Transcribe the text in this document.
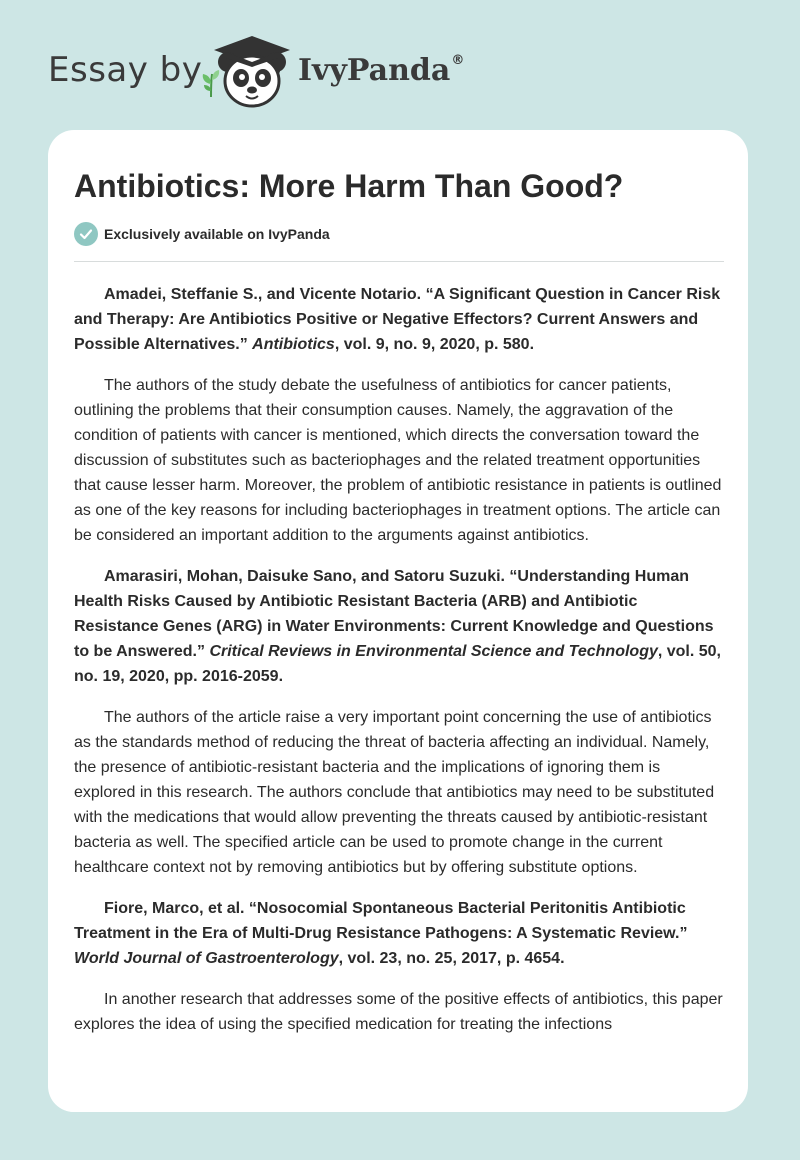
Essay by	IvyPanda®
Antibiotics: More Harm Than Good?
Exclusively available on IvyPanda

Amadei, Steffanie S., and Vicente Notario. “A Significant Question in Cancer Risk and Therapy: Are Antibiotics Positive or Negative Effectors? Current Answers and Possible Alternatives.” Antibiotics, vol. 9, no. 9, 2020, p. 580.

The authors of the study debate the usefulness of antibiotics for cancer patients, outlining the problems that their consumption causes. Namely, the aggravation of the condition of patients with cancer is mentioned, which directs the conversation toward the discussion of substitutes such as bacteriophages and the related treatment opportunities that cause lesser harm. Moreover, the problem of antibiotic resistance in patients is outlined as one of the key reasons for including bacteriophages in treatment options. The article can be considered an important addition to the arguments against antibiotics.

Amarasiri, Mohan, Daisuke Sano, and Satoru Suzuki. “Understanding Human Health Risks Caused by Antibiotic Resistant Bacteria (ARB) and Antibiotic Resistance Genes (ARG) in Water Environments: Current Knowledge and Questions to be Answered.” Critical Reviews in Environmental Science and Technology, vol. 50, no. 19, 2020, pp. 2016-2059.

The authors of the article raise a very important point concerning the use of antibiotics as the standards method of reducing the threat of bacteria affecting an individual. Namely, the presence of antibiotic-resistant bacteria and the implications of ignoring them is explored in this research. The authors conclude that antibiotics may need to be substituted with the medications that would allow preventing the threats caused by antibiotic-resistant bacteria as well. The specified article can be used to promote change in the current healthcare context not by removing antibiotics but by offering substitute options.

Fiore, Marco, et al. “Nosocomial Spontaneous Bacterial Peritonitis Antibiotic Treatment in the Era of Multi-Drug Resistance Pathogens: A Systematic Review.” World Journal of Gastroenterology, vol. 23, no. 25, 2017, p. 4654.

In another research that addresses some of the positive effects of antibiotics, this paper explores the idea of using the specified medication for treating the infections
